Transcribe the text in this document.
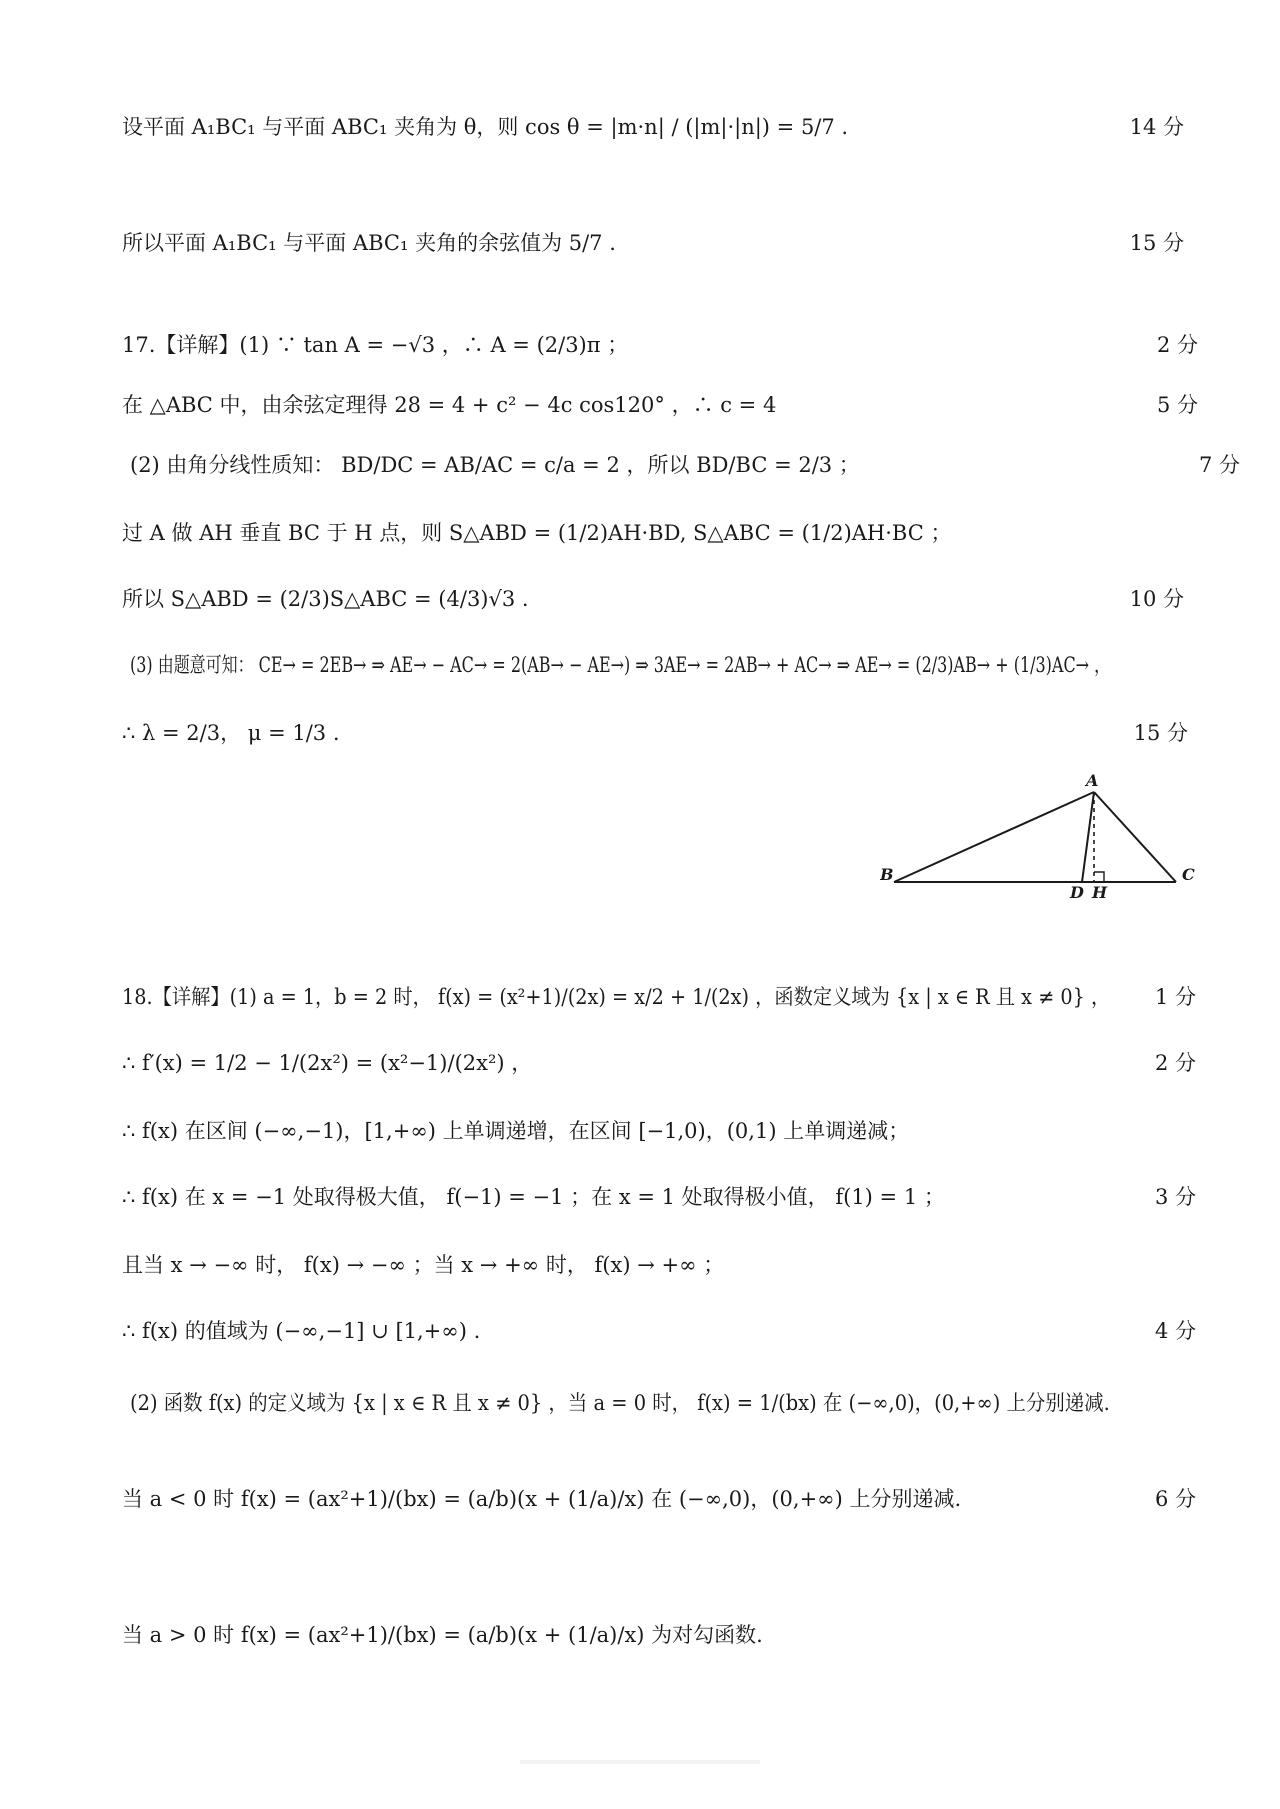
设平面 A₁BC₁ 与平面 ABC₁ 夹角为 θ，则 cos θ = |m·n| / (|m|·|n|) = 5/7 .	14 分
所以平面 A₁BC₁ 与平面 ABC₁ 夹角的余弦值为 5/7 .	15 分
17.【详解】(1) ∵ tan A = −√3 ，∴ A = (2/3)π ；	2 分
在 △ABC 中，由余弦定理得 28 = 4 + c² − 4c cos120° ，∴ c = 4	5 分
(2) 由角分线性质知： BD/DC = AB/AC = c/a = 2 ，所以 BD/BC = 2/3 ；	7 分
过 A 做 AH 垂直 BC 于 H 点，则 S△ABD = (1/2)AH·BD, S△ABC = (1/2)AH·BC ；
所以 S△ABD = (2/3)S△ABC = (4/3)√3 .	10 分
(3) 由题意可知： CE→ = 2EB→ ⇒ AE→ − AC→ = 2(AB→ − AE→) ⇒ 3AE→ = 2AB→ + AC→ ⇒ AE→ = (2/3)AB→ + (1/3)AC→ ，
∴ λ = 2/3， μ = 1/3 .	15 分
A
B	C
D H
18.【详解】(1) a = 1，b = 2 时， f(x) = (x²+1)/(2x) = x/2 + 1/(2x) ，函数定义域为 {x | x ∈ R 且 x ≠ 0} ， 1 分
∴ f′(x) = 1/2 − 1/(2x²) = (x²−1)/(2x²) ，	2 分
∴ f(x) 在区间 (−∞,−1)，[1,+∞) 上单调递增，在区间 [−1,0)，(0,1) 上单调递减；
∴ f(x) 在 x = −1 处取得极大值， f(−1) = −1 ；在 x = 1 处取得极小值， f(1) = 1 ；	3 分
且当 x → −∞ 时， f(x) → −∞ ；当 x → +∞ 时， f(x) → +∞ ；
∴ f(x) 的值域为 (−∞,−1] ∪ [1,+∞) .	4 分
(2) 函数 f(x) 的定义域为 {x | x ∈ R 且 x ≠ 0} ，当 a = 0 时， f(x) = 1/(bx) 在 (−∞,0)，(0,+∞) 上分别递减.
当 a < 0 时 f(x) = (ax²+1)/(bx) = (a/b)(x + (1/a)/x) 在 (−∞,0)，(0,+∞) 上分别递减.	6 分
当 a > 0 时 f(x) = (ax²+1)/(bx) = (a/b)(x + (1/a)/x) 为对勾函数.
